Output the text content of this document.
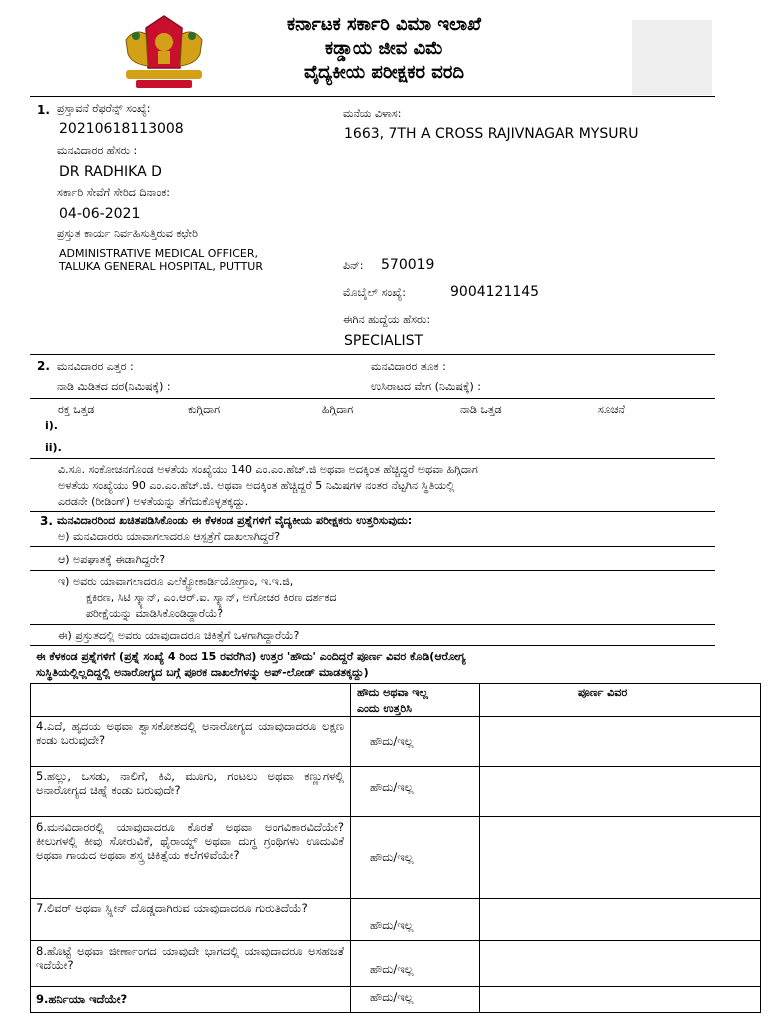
ಕರ್ನಾಟಕ ಸರ್ಕಾರಿ ವಿಮಾ ಇಲಾಖೆ
ಕಡ್ಡಾಯ ಜೀವ ವಿಮೆ
ವೈದ್ಯಕೀಯ ಪರೀಕ್ಷಕರ ವರದಿ
1. ಪ್ರಸ್ತಾವನೆ ರೆಫರೆನ್ಸ್ ಸಂಖ್ಯೆ:
20210618113008
ಮನವಿದಾರರ ಹೆಸರು :
DR RADHIKA D
ಸರ್ಕಾರಿ ಸೇವೆಗೆ ಸೇರಿದ ದಿನಾಂಕ:
04-06-2021
ಪ್ರಸ್ತುತ ಕಾರ್ಯ ನಿರ್ವಹಿಸುತ್ತಿರುವ ಕಛೇರಿ
ADMINISTRATIVE MEDICAL OFFICER,
TALUKA GENERAL HOSPITAL, PUTTUR
ಮನೆಯ ವಿಳಾಸ:
1663, 7TH A CROSS RAJIVNAGAR MYSURU
ಪಿನ್: 570019
ಮೊಬೈಲ್ ಸಂಖ್ಯೆ:	9004121145
ಈಗಿನ ಹುದ್ದೆಯ ಹೆಸರು:
SPECIALIST
2. ಮನವಿದಾರರ ಎತ್ತರ :	ಮನವಿದಾರರ ತೂಕ :
ನಾಡಿ ಮಿಡಿತದ ದರ(ನಿಮಿಷಕ್ಕೆ) :	ಉಸಿರಾಟದ ವೇಗ (ನಿಮಿಷಕ್ಕೆ) :
ರಕ್ತ ಒತ್ತಡ	ಕುಗ್ಗಿದಾಗ	ಹಿಗ್ಗಿದಾಗ	ನಾಡಿ ಒತ್ತಡ	ಸೂಚನೆ
i).
ii).
ವಿ.ಸೂ. ಸಂಕೋಚನಗೊಂಡ ಅಳತೆಯ ಸಂಖ್ಯೆಯು 140 ಎಂ.ಎಂ.ಹೆಚ್.ಜಿ ಅಥವಾ ಅದಕ್ಕಿಂತ ಹೆಚ್ಚಿದ್ದರೆ ಅಥವಾ ಹಿಗ್ಗಿದಾಗ
ಅಳತೆಯ ಸಂಖ್ಯೆಯು 90 ಎಂ.ಎಂ.ಹೆಚ್.ಜಿ. ಅಥವಾ ಅದಕ್ಕಿಂತ ಹೆಚ್ಚಿದ್ದರೆ 5 ನಿಮಿಷಗಳ ನಂತರ ನೆಟ್ಟಗಿನ ಸ್ಥಿತಿಯಲ್ಲಿ
ಎರಡನೇ (ರೀಡಿಂಗ್) ಅಳತೆಯನ್ನು ತೆಗೆದುಕೊಳ್ಳತಕ್ಕದ್ದು.
3. ಮನವಿದಾರರಿಂದ ಖಚಿತಪಡಿಸಿಕೊಂಡು ಈ ಕೆಳಕಂಡ ಪ್ರಶ್ನೆಗಳಿಗೆ ವೈದ್ಯಕೀಯ ಪರೀಕ್ಷಕರು ಉತ್ತರಿಸುವುದು:
ಅ) ಮನವಿದಾರರು ಯಾವಾಗಲಾದರೂ ಆಸ್ಪತ್ರೆಗೆ ದಾಖಲಾಗಿದ್ದರೆ?
ಆ) ಅಪಘಾತಕ್ಕೆ ಈಡಾಗಿದ್ದರೇ?
ಇ) ಅವರು ಯಾವಾಗಲಾದರೂ ಎಲೆಕ್ಟ್ರೋಕಾರ್ಡಿಯೋಗ್ರಾಂ, ಇ.ಇ.ಜಿ,
ಕ್ಷಕಿರಣ, ಸಿಟಿ ಸ್ಕ್ಯಾನ್, ಎಂ.ಆರ್.ಐ. ಸ್ಕ್ಯಾನ್, ಅಗೋಚರ ಕಿರಣ ದರ್ಶಕದ
ಪರೀಕ್ಷೆಯನ್ನು ಮಾಡಿಸಿಕೊಂಡಿದ್ದಾರೆಯೆ?
ಈ) ಪ್ರಸ್ತುತದಲ್ಲಿ ಅವರು ಯಾವುದಾದರೂ ಚಿಕಿತ್ಸೆಗೆ ಒಳಗಾಗಿದ್ದಾರೆಯೆ?
ಈ ಕೆಳಕಂಡ ಪ್ರಶ್ನೆಗಳಿಗೆ (ಪ್ರಶ್ನೆ ಸಂಖ್ಯೆ 4 ರಿಂದ 15 ರವರೆಗಿನ) ಉತ್ತರ 'ಹೌದು' ಎಂದಿದ್ದರೆ ಪೂರ್ಣ ವಿವರ ಕೊಡಿ(ಆರೋಗ್ಯ
ಸುಸ್ಥಿತಿಯಲ್ಲಿಲ್ಲದಿದ್ದಲ್ಲಿ ಅನಾರೋಗ್ಯದ ಬಗ್ಗೆ ಪೂರಕ ದಾಖಲೆಗಳನ್ನು ಅಪ್-ಲೋಡ್ ಮಾಡತಕ್ಕದ್ದು)
ಹೌದು ಅಥವಾ ಇಲ್ಲ
ಎಂದು ಉತ್ತರಿಸಿ
ಪೂರ್ಣ ವಿವರ
4.ಎದೆ, ಹೃದಯ ಅಥವಾ ಶ್ವಾಸಕೋಶದಲ್ಲಿ ಅನಾರೋಗ್ಯದ ಯಾವುದಾದರೂ ಲಕ್ಷಣ ಕಂಡು ಬರುವುದೇ?	ಹೌದು/ಇಲ್ಲ
5.ಹಲ್ಲು, ಒಸಡು, ನಾಲಿಗೆ, ಕಿವಿ, ಮೂಗು, ಗಂಟಲು ಅಥವಾ ಕಣ್ಣುಗಳಲ್ಲಿ ಅನಾರೋಗ್ಯದ ಚಿಹ್ನೆ ಕಂಡು ಬರುವುದೇ?	ಹೌದು/ಇಲ್ಲ
6.ಮನವಿದಾರರಲ್ಲಿ ಯಾವುದಾದರೂ ಕೊರತೆ ಅಥವಾ ಅಂಗವಿಕಾರವಿದೆಯೇ? ಕೀಲುಗಳಲ್ಲಿ ಕೀವು ಸೋರುವಿಕೆ, ಥೈರಾಯ್ಡ್ ಅಥವಾ ದುಗ್ಧ ಗ್ರಂಥಿಗಳು ಊದುವಿಕೆ ಅಥವಾ ಗಾಯದ ಅಥವಾ ಶಸ್ತ್ರ ಚಿಕಿತ್ಸೆಯ ಕಲೆಗಳಿವೆಯೇ?	ಹೌದು/ಇಲ್ಲ
7.ಲಿವರ್ ಅಥವಾ ಸ್ಪ್ಲೀನ್ ದೊಡ್ಡದಾಗಿರುವ ಯಾವುದಾದರೂ ಗುರುತಿದೆಯೆ?
ಹೌದು/ಇಲ್ಲ
8.ಹೊಟ್ಟೆ ಅಥವಾ ಜೀರ್ಣಾಂಗದ ಯಾವುದೇ ಭಾಗದಲ್ಲಿ ಯಾವುದಾದರೂ ಅಸಹಜತೆ ಇದೆಯೇ?	ಹೌದು/ಇಲ್ಲ
9.ಹರ್ನಿಯಾ ಇದೆಯೇ?	ಹೌದು/ಇಲ್ಲ
